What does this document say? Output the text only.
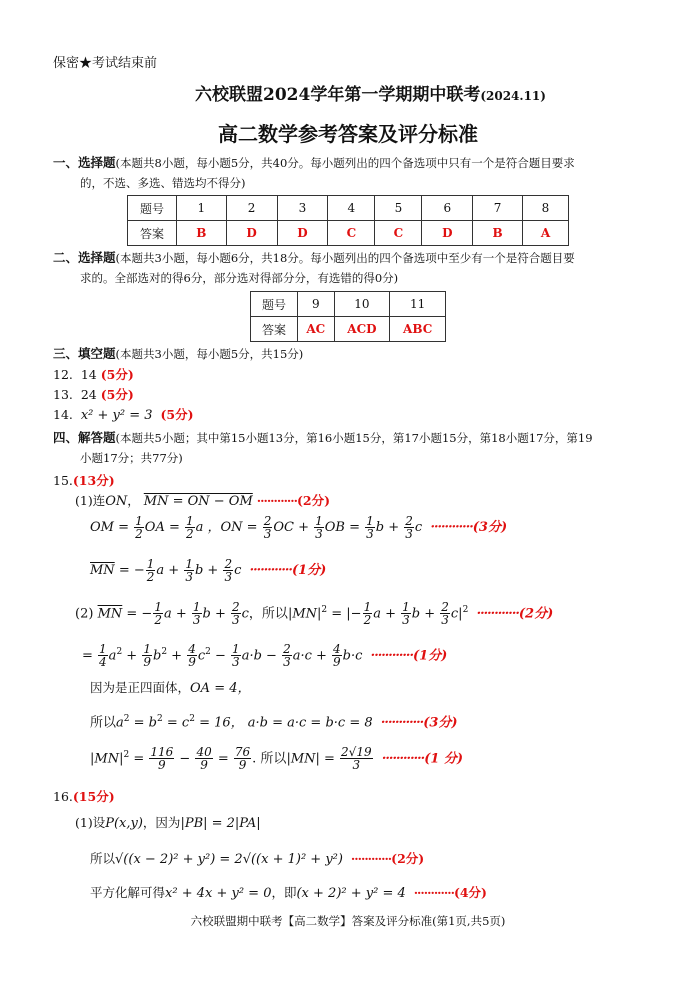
保密★考试结束前
六校联盟2024学年第一学期期中联考(2024.11)
高二数学参考答案及评分标准
一、选择题(本题共8小题，每小题5分，共40分。每小题列出的四个备选项中只有一个是符合题目要求
的，不选、多选、错选均不得分)
题号	1	2	3	4	5	6	7	8
答案	B	D	D	C	C	D	B	A
二、选择题(本题共3小题，每小题6分，共18分。每小题列出的四个备选项中至少有一个是符合题目要
求的。全部选对的得6分，部分选对得部分分，有选错的得0分)
题号	9	10	11
答案	AC	ACD	ABC
三、填空题(本题共3小题，每小题5分，共15分)
12. 14 (5分)
13. 24 (5分)
14. x² + y² = 3 (5分)
四、解答题(本题共5小题；其中第15小题13分，第16小题15分，第17小题15分，第18小题17分，第19
小题17分；共77分)
15.(13分)
(1)连ON， MN = ON − OM ············(2分)
OM = $\frac{1}{2}$ OA = $\frac{1}{2}$ a ，ON = $\frac{2}{3}$ OC + $\frac{1}{3}$ OB = $\frac{1}{3}$ $b + \frac{2}{3}$ c  ············(3分)
$\overline{MN}$ = − $\frac{1}{2}$ $a + \frac{1}{3}$ $b + \frac{2}{3}$ c  ············(1分)
(2) $\overline{MN}$ = − $\frac{1}{2}$ $a + \frac{1}{3}$ $b + \frac{2}{3}$ c，所以$|MN|^2$ = |− $\frac{1}{2}$ $a + \frac{1}{3}$ $b + \frac{2}{3} c|^2 \cdot\cdot\cdot\cdot\cdot\cdot\cdot\cdot\cdot\cdot\cdot\cdot(2$分)
= $\frac{1}{4} a^2 + \frac{1}{9} b^2 + \frac{4}{9} c^2 - \frac{1}{3} a\cdot b - \frac{2}{3} a\cdot c + \frac{4}{9} b\cdot c \cdot\cdot\cdot\cdot\cdot\cdot\cdot\cdot\cdot\cdot\cdot\cdot(1$分)
因为是正四面体，OA = 4，
所以$a^2 = b^2 = c^2 = 16$， a·b = a·c = b·c = 8 ············(3分)
$|MN|^2 = \frac{116}{9} - \frac{40}{9} = \frac{76}{9}$ . 所以$|MN| = \frac{2√19}{3} \cdot\cdot\cdot\cdot\cdot\cdot\cdot\cdot\cdot\cdot\cdot\cdot(1$ 分)
16.(15分)
(1)设P(x,y)，因为|PB| = 2|PA|
所以√((x − 2)² + y²) = 2√((x + 1)² + y²) ············(2分)
平方化解可得x² + 4x + y² = 0，即(x + 2)² + y² = 4 ············(4分)
六校联盟期中联考【高二数学】答案及评分标准(第1页,共5页)
